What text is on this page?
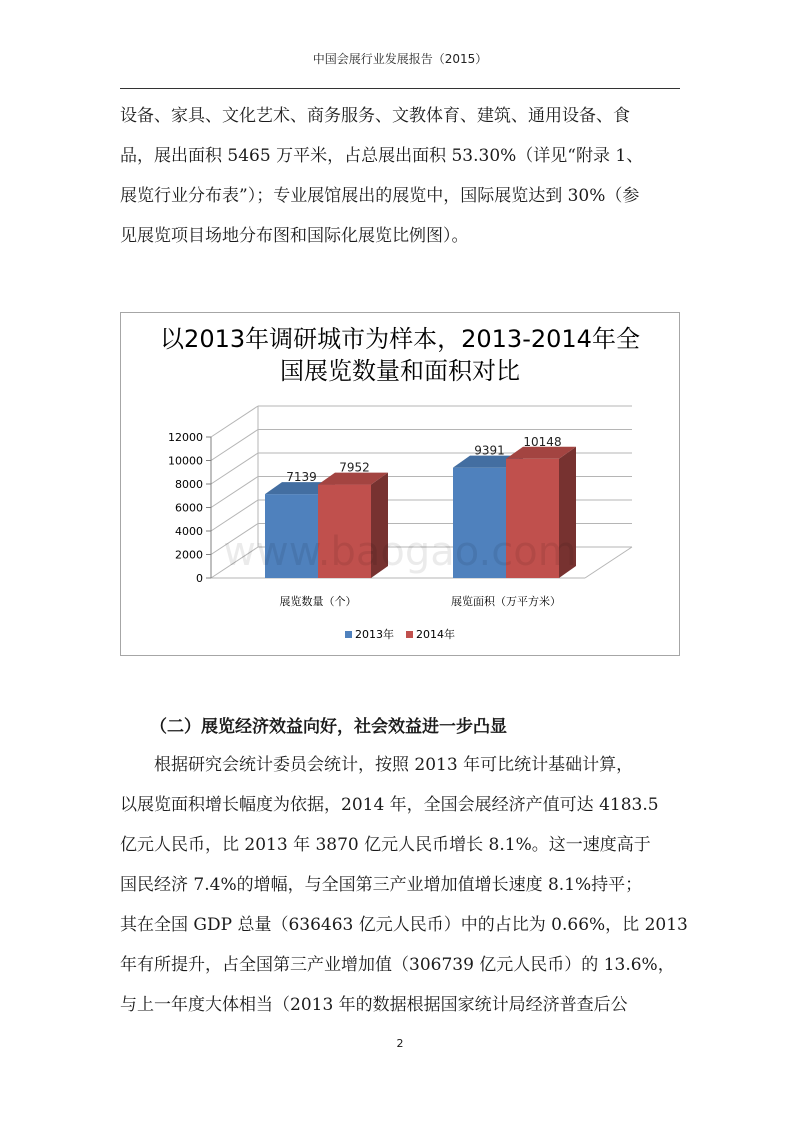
中国会展行业发展报告（2015）
设备、家具、文化艺术、商务服务、文教体育、建筑、通用设备、食
品，展出面积 5465 万平米，占总展出面积 53.30%（详见“附录 1、
展览行业分布表”）；专业展馆展出的展览中，国际展览达到 30%（参
见展览项目场地分布图和国际化展览比例图）。
0
2000
4000
6000
8000
10000
12000
7139
7952
展览数量（个）
9391
10148
展览面积（万平方米）
www.baogao.com
2013年 2014年
以2013年调研城市为样本，2013-2014年全
国展览数量和面积对比
（二）展览经济效益向好，社会效益进一步凸显
　　根据研究会统计委员会统计，按照 2013 年可比统计基础计算，
以展览面积增长幅度为依据，2014 年，全国会展经济产值可达 4183.5
亿元人民币，比 2013 年 3870 亿元人民币增长 8.1%。这一速度高于
国民经济 7.4%的增幅，与全国第三产业增加值增长速度 8.1%持平；
其在全国 GDP 总量（636463 亿元人民币）中的占比为 0.66%，比 2013
年有所提升，占全国第三产业增加值（306739 亿元人民币）的 13.6%，
与上一年度大体相当（2013 年的数据根据国家统计局经济普查后公
2
